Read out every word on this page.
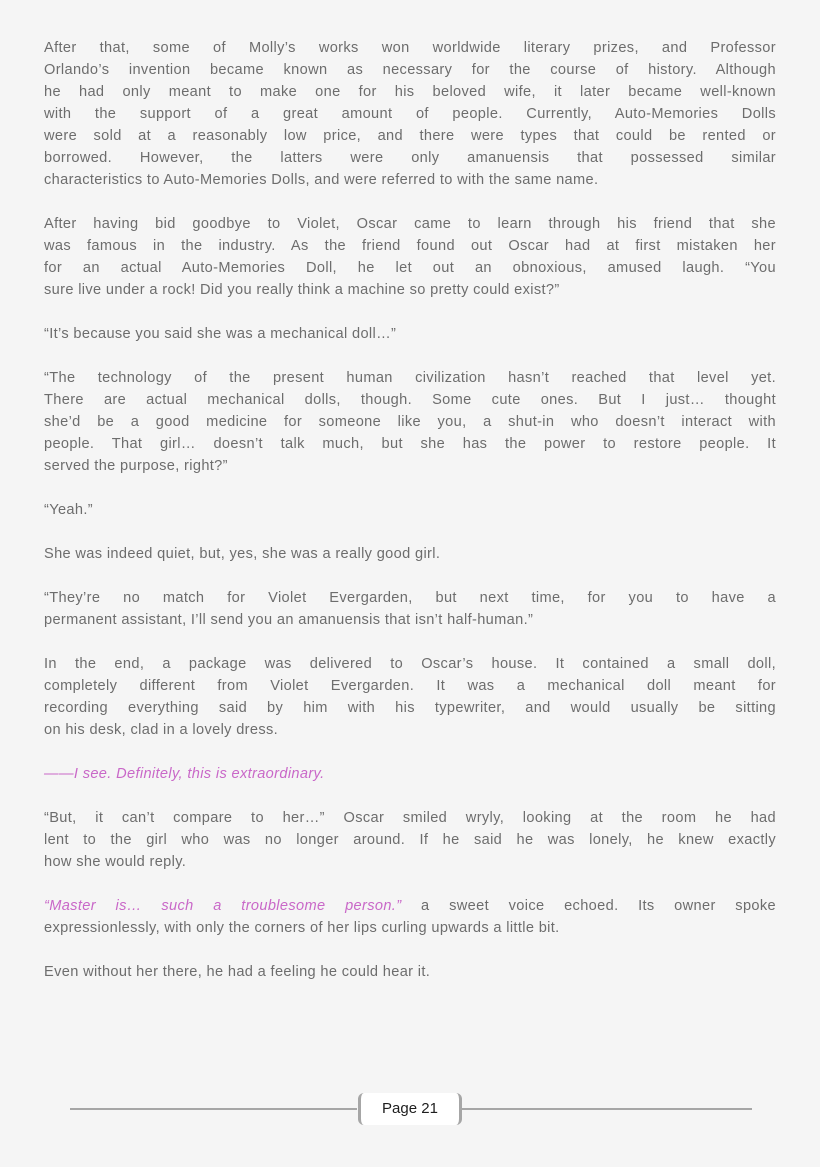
After that, some of Molly’s works won worldwide literary prizes, and Professor
Orlando’s invention became known as necessary for the course of history. Although
he had only meant to make one for his beloved wife, it later became well-known
with the support of a great amount of people. Currently, Auto-Memories Dolls
were sold at a reasonably low price, and there were types that could be rented or
borrowed. However, the latters were only amanuensis that possessed similar
characteristics to Auto-Memories Dolls, and were referred to with the same name.
After having bid goodbye to Violet, Oscar came to learn through his friend that she
was famous in the industry. As the friend found out Oscar had at first mistaken her
for an actual Auto-Memories Doll, he let out an obnoxious, amused laugh. “You
sure live under a rock! Did you really think a machine so pretty could exist?”
“It’s because you said she was a mechanical doll…”
“The technology of the present human civilization hasn’t reached that level yet.
There are actual mechanical dolls, though. Some cute ones. But I just… thought
she’d be a good medicine for someone like you, a shut-in who doesn’t interact with
people. That girl… doesn’t talk much, but she has the power to restore people. It
served the purpose, right?”
“Yeah.”
She was indeed quiet, but, yes, she was a really good girl.
“They’re no match for Violet Evergarden, but next time, for you to have a
permanent assistant, I’ll send you an amanuensis that isn’t half-human.”
In the end, a package was delivered to Oscar’s house. It contained a small doll,
completely different from Violet Evergarden. It was a mechanical doll meant for
recording everything said by him with his typewriter, and would usually be sitting
on his desk, clad in a lovely dress.
——I see. Definitely, this is extraordinary.
“But, it can’t compare to her…” Oscar smiled wryly, looking at the room he had
lent to the girl who was no longer around. If he said he was lonely, he knew exactly
how she would reply.
“Master is… such a troublesome person.” a sweet voice echoed. Its owner spoke
expressionlessly, with only the corners of her lips curling upwards a little bit.
Even without her there, he had a feeling he could hear it.
Page 21
